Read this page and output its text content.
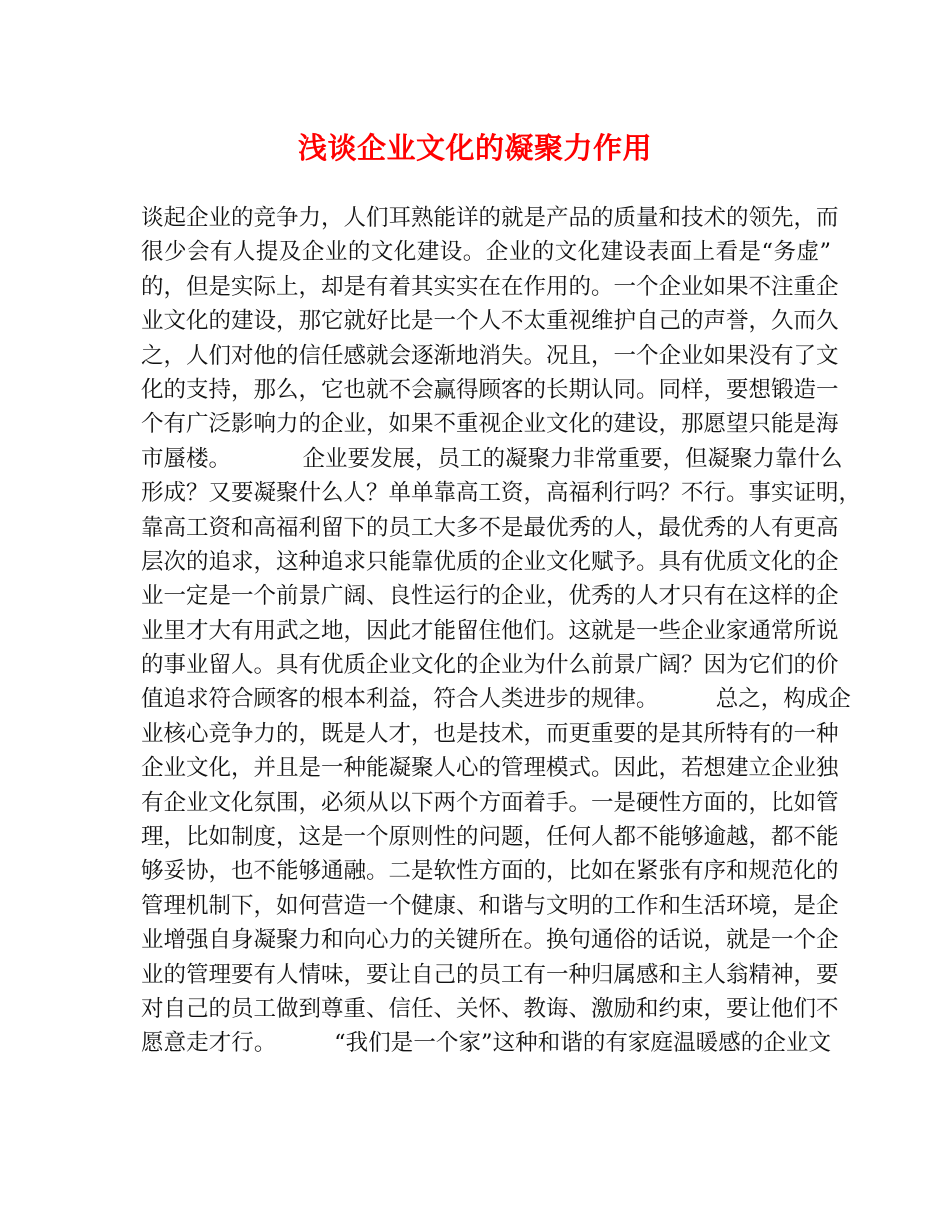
浅谈企业文化的凝聚力作用
谈起企业的竞争力，人们耳熟能详的就是产品的质量和技术的领先，而
很少会有人提及企业的文化建设。企业的文化建设表面上看是“务虚”
的，但是实际上，却是有着其实实在在作用的。一个企业如果不注重企
业文化的建设，那它就好比是一个人不太重视维护自己的声誉，久而久
之，人们对他的信任感就会逐渐地消失。况且，一个企业如果没有了文
化的支持，那么，它也就不会赢得顾客的长期认同。同样，要想锻造一
个有广泛影响力的企业，如果不重视企业文化的建设，那愿望只能是海
市蜃楼。          企业要发展，员工的凝聚力非常重要，但凝聚力靠什么
形成？又要凝聚什么人？单单靠高工资，高福利行吗？不行。事实证明，
靠高工资和高福利留下的员工大多不是最优秀的人，最优秀的人有更高
层次的追求，这种追求只能靠优质的企业文化赋予。具有优质文化的企
业一定是一个前景广阔、良性运行的企业，优秀的人才只有在这样的企
业里才大有用武之地，因此才能留住他们。这就是一些企业家通常所说
的事业留人。具有优质企业文化的企业为什么前景广阔？因为它们的价
值追求符合顾客的根本利益，符合人类进步的规律。        总之，构成企
业核心竞争力的，既是人才，也是技术，而更重要的是其所特有的一种
企业文化，并且是一种能凝聚人心的管理模式。因此，若想建立企业独
有企业文化氛围，必须从以下两个方面着手。一是硬性方面的，比如管
理，比如制度，这是一个原则性的问题，任何人都不能够逾越，都不能
够妥协，也不能够通融。二是软性方面的，比如在紧张有序和规范化的
管理机制下，如何营造一个健康、和谐与文明的工作和生活环境，是企
业增强自身凝聚力和向心力的关键所在。换句通俗的话说，就是一个企
业的管理要有人情味，要让自己的员工有一种归属感和主人翁精神，要
对自己的员工做到尊重、信任、关怀、教诲、激励和约束，要让他们不
愿意走才行。        “我们是一个家”这种和谐的有家庭温暖感的企业文
